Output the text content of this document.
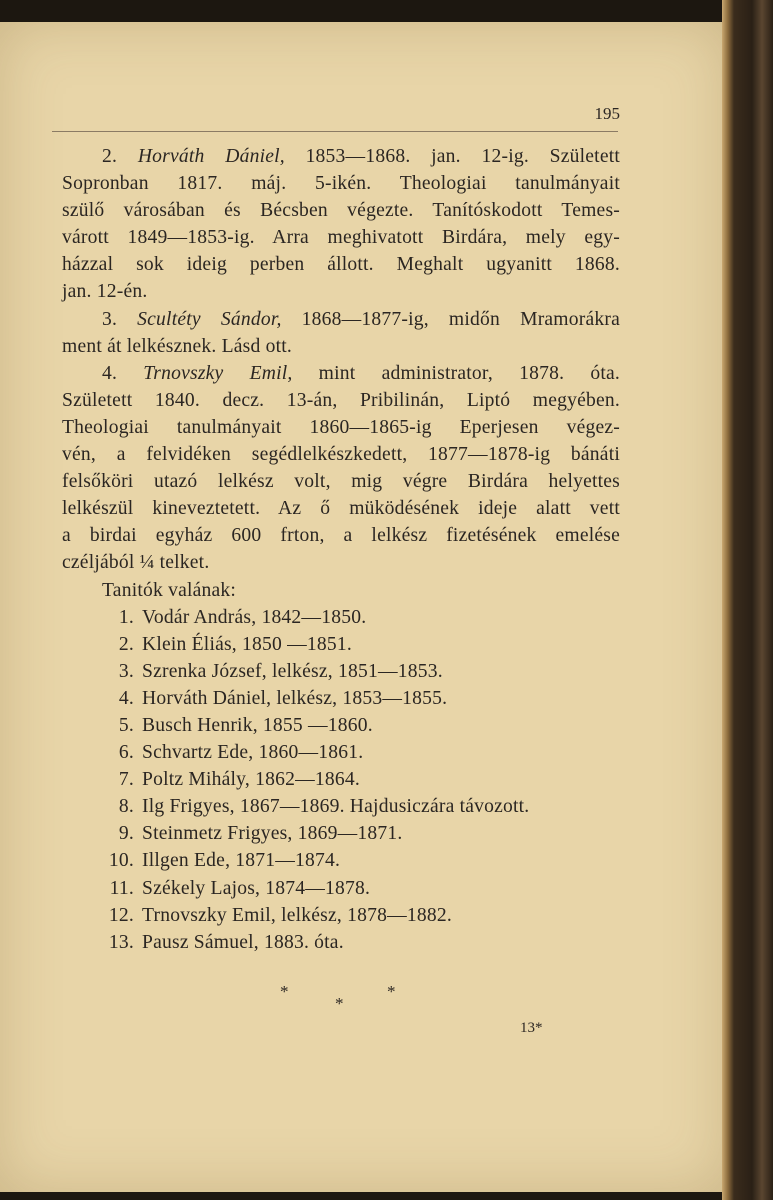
195

2. Horváth Dániel, 1853—1868. jan. 12-ig. Született

Sopronban 1817. máj. 5-ikén. Theologiai tanulmányait
szülő városában és Bécsben végezte. Tanítóskodott Temes-
várott 1849—1853-ig. Arra meghivatott Birdára, mely egy-
házzal sok ideig perben állott. Meghalt ugyanitt 1868.
jan. 12-én.

3. Scultéty Sándor, 1868—1877-ig, midőn Mramorákra

ment át lelkésznek. Lásd ott.

4. Trnovszky Emil, mint administrator, 1878. óta.

Született 1840. decz. 13-án, Pribilinán, Liptó megyében.
Theologiai tanulmányait 1860—1865-ig Eperjesen végez-
vén, a felvidéken segédlelkészkedett, 1877—1878-ig bánáti
felsőköri utazó lelkész volt, mig végre Birdára helyettes
lelkészül kineveztetett. Az ő müködésének ideje alatt vett
a birdai egyház 600 frton, a lelkész fizetésének emelése
czéljából ¼ telket.

Tanitók valának:

1. Vodár András, 1842—1850.
2. Klein Éliás, 1850 —1851.
3. Szrenka József, lelkész, 1851—1853.
4. Horváth Dániel, lelkész, 1853—1855.
5. Busch Henrik, 1855 —1860.
6. Schvartz Ede, 1860—1861.
7. Poltz Mihály, 1862—1864.
8. Ilg Frigyes, 1867—1869. Hajdusiczára távozott.
9. Steinmetz Frigyes, 1869—1871.
10. Illgen Ede, 1871—1874.
11. Székely Lajos, 1874—1878.
12. Trnovszky Emil, lelkész, 1878—1882.
13. Pausz Sámuel, 1883. óta.
*
*
*
13*
